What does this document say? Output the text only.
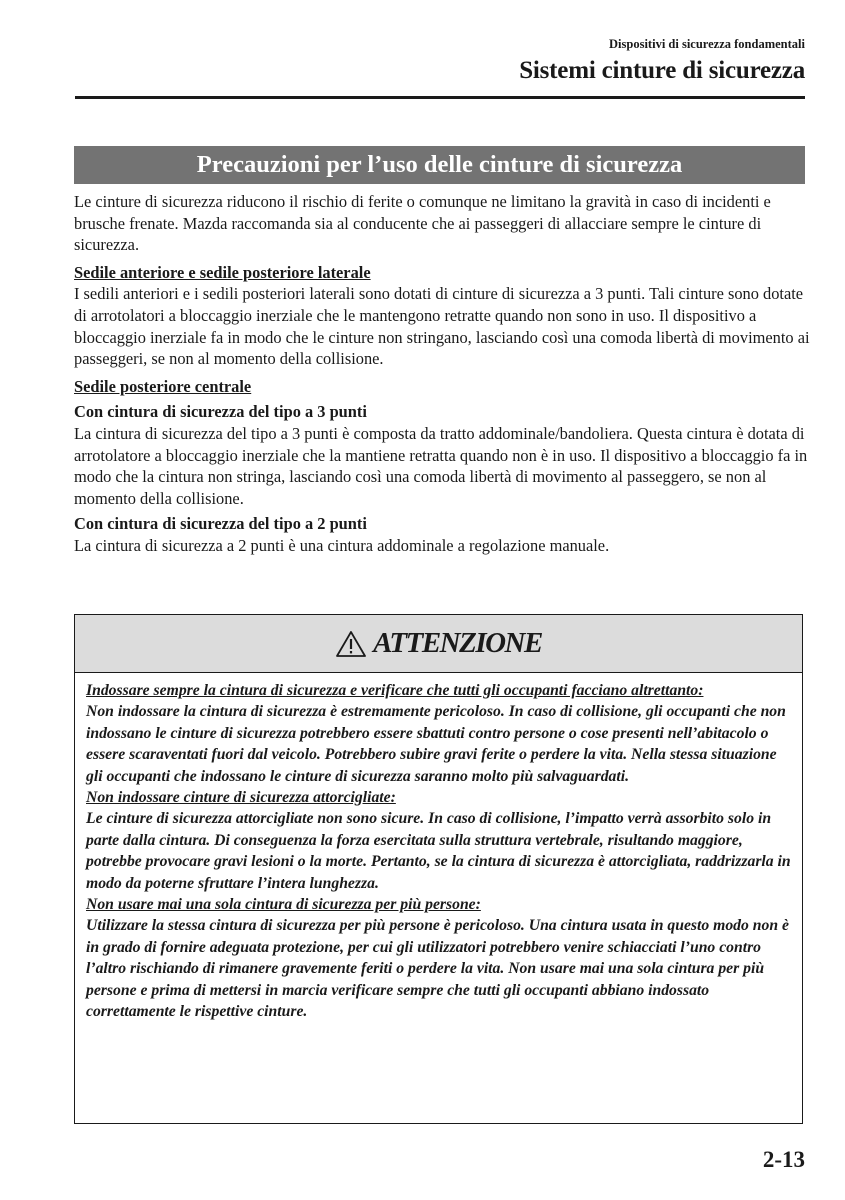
Dispositivi di sicurezza fondamentali
Sistemi cinture di sicurezza
Precauzioni per l’uso delle cinture di sicurezza

Le cinture di sicurezza riducono il rischio di ferite o comunque ne limitano la gravità in caso di incidenti e brusche frenate. Mazda raccomanda sia al conducente che ai passeggeri di allacciare sempre le cinture di sicurezza.

Sedile anteriore e sedile posteriore laterale

I sedili anteriori e i sedili posteriori laterali sono dotati di cinture di sicurezza a 3 punti. Tali cinture sono dotate di arrotolatori a bloccaggio inerziale che le mantengono retratte quando non sono in uso. Il dispositivo a bloccaggio inerziale fa in modo che le cinture non stringano, lasciando così una comoda libertà di movimento ai passeggeri, se non al momento della collisione.

Sedile posteriore centrale

Con cintura di sicurezza del tipo a 3 punti

La cintura di sicurezza del tipo a 3 punti è composta da tratto addominale/bandoliera. Questa cintura è dotata di arrotolatore a bloccaggio inerziale che la mantiene retratta quando non è in uso. Il dispositivo a bloccaggio fa in modo che la cintura non stringa, lasciando così una comoda libertà di movimento al passeggero, se non al momento della collisione.

Con cintura di sicurezza del tipo a 2 punti

La cintura di sicurezza a 2 punti è una cintura addominale a regolazione manuale.

ATTENZIONE

Indossare sempre la cintura di sicurezza e verificare che tutti gli occupanti facciano altrettanto:

Non indossare la cintura di sicurezza è estremamente pericoloso. In caso di collisione, gli occupanti che non indossano le cinture di sicurezza potrebbero essere sbattuti contro persone o cose presenti nell’abitacolo o essere scaraventati fuori dal veicolo. Potrebbero subire gravi ferite o perdere la vita. Nella stessa situazione gli occupanti che indossano le cinture di sicurezza saranno molto più salvaguardati.

Non indossare cinture di sicurezza attorcigliate:

Le cinture di sicurezza attorcigliate non sono sicure. In caso di collisione, l’impatto verrà assorbito solo in parte dalla cintura. Di conseguenza la forza esercitata sulla struttura vertebrale, risultando maggiore, potrebbe provocare gravi lesioni o la morte. Pertanto, se la cintura di sicurezza è attorcigliata, raddrizzarla in modo da poterne sfruttare l’intera lunghezza.

Non usare mai una sola cintura di sicurezza per più persone:

Utilizzare la stessa cintura di sicurezza per più persone è pericoloso. Una cintura usata in questo modo non è in grado di fornire adeguata protezione, per cui gli utilizzatori potrebbero venire schiacciati l’uno contro l’altro rischiando di rimanere gravemente feriti o perdere la vita. Non usare mai una sola cintura per più persone e prima di mettersi in marcia verificare sempre che tutti gli occupanti abbiano indossato correttamente le rispettive cinture.

2-13
